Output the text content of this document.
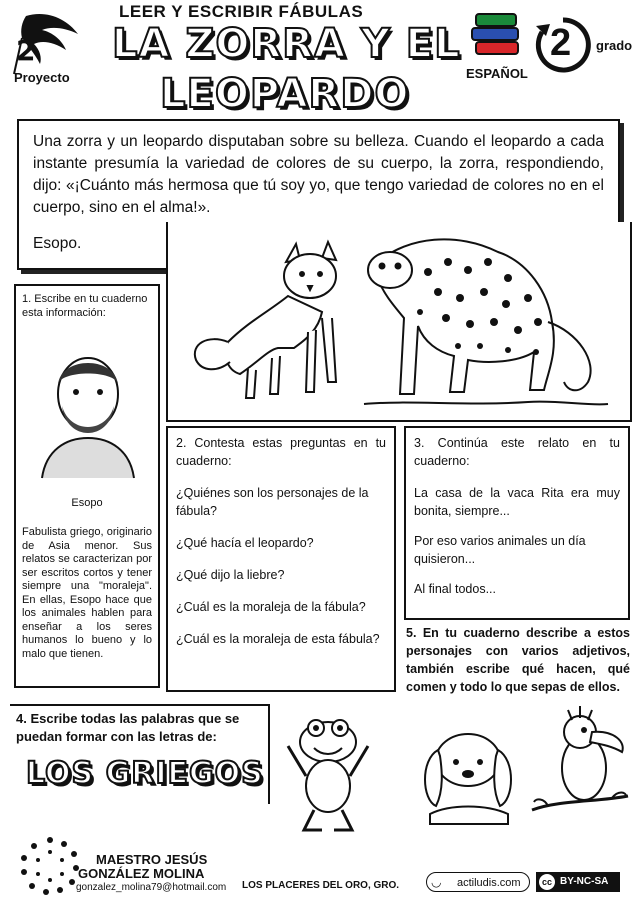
2
Proyecto
LEER Y ESCRIBIR FÁBULAS
LA ZORRA Y EL
LEOPARDO	ESPAÑOL
2 grado

Una zorra y un leopardo disputaban sobre su belleza. Cuando el leopardo a cada instante presumía la variedad de colores de su cuerpo, la zorra, respondiendo, dijo: «¡Cuánto más hermosa que tú soy yo, que tengo variedad de colores no en el cuerpo, sino en el alma!».

Esopo.

1. Escribe en tu cuaderno esta información:

Esopo

Fabulista griego, originario de Asia menor. Sus relatos se caracterizan por ser escritos cortos y tener siempre una "moraleja". En ellas, Esopo hace que los animales hablen para enseñar a los seres humanos lo bueno y lo malo que tienen.

2. Contesta estas preguntas en tu cuaderno:

¿Quiénes son los personajes de la fábula?

¿Qué hacía el leopardo?

¿Qué dijo la liebre?

¿Cuál es la moraleja de la fábula?

¿Cuál es la moraleja de esta fábula?

3. Continúa este relato en tu cuaderno:

La casa de la vaca Rita era muy bonita, siempre...

Por eso varios animales un día quisieron...

Al final todos...

5. En tu cuaderno describe a estos personajes con varios adjetivos, también escribe qué hacen, qué comen y todo lo que sepas de ellos.

4. Escribe todas las palabras que se puedan formar con las letras de:

LOS GRIEGOS
MAESTRO JESÚS
GONZÁLEZ MOLINA
gonzalez_molina79@hotmail.com LOS PLACERES DEL ORO, GRO.	◡ actiludis.com	cc BY-NC-SA
